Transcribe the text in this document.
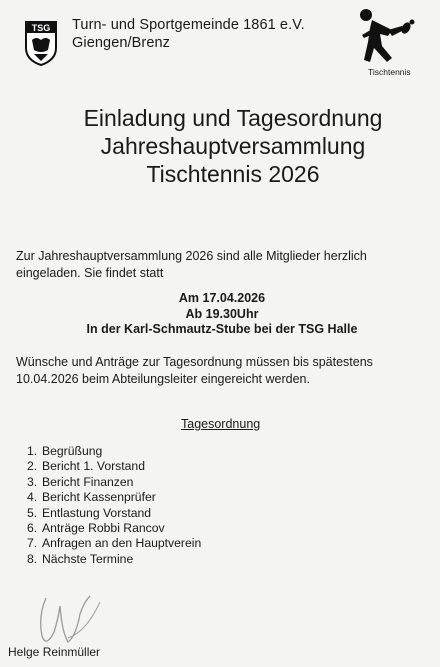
TSG Turn- und Sportgemeinde 1861 e.V.
Giengen/Brenz
Tischtennis
Einladung und Tagesordnung
Jahreshauptversammlung
Tischtennis 2026
Zur Jahreshauptversammlung 2026 sind alle Mitglieder herzlich eingeladen. Sie findet statt
Am 17.04.2026
Ab 19.30Uhr
In der Karl-Schmautz-Stube bei der TSG Halle
Wünsche und Anträge zur Tagesordnung müssen bis spätestens 10.04.2026 beim Abteilungsleiter eingereicht werden.
Tagesordnung
1. Begrüßung
2. Bericht 1. Vorstand
3. Bericht Finanzen
4. Bericht Kassenprüfer
5. Entlastung Vorstand
6. Anträge Robbi Rancov
7. Anfragen an den Hauptverein
8. Nächste Termine
Helge Reinmüller
